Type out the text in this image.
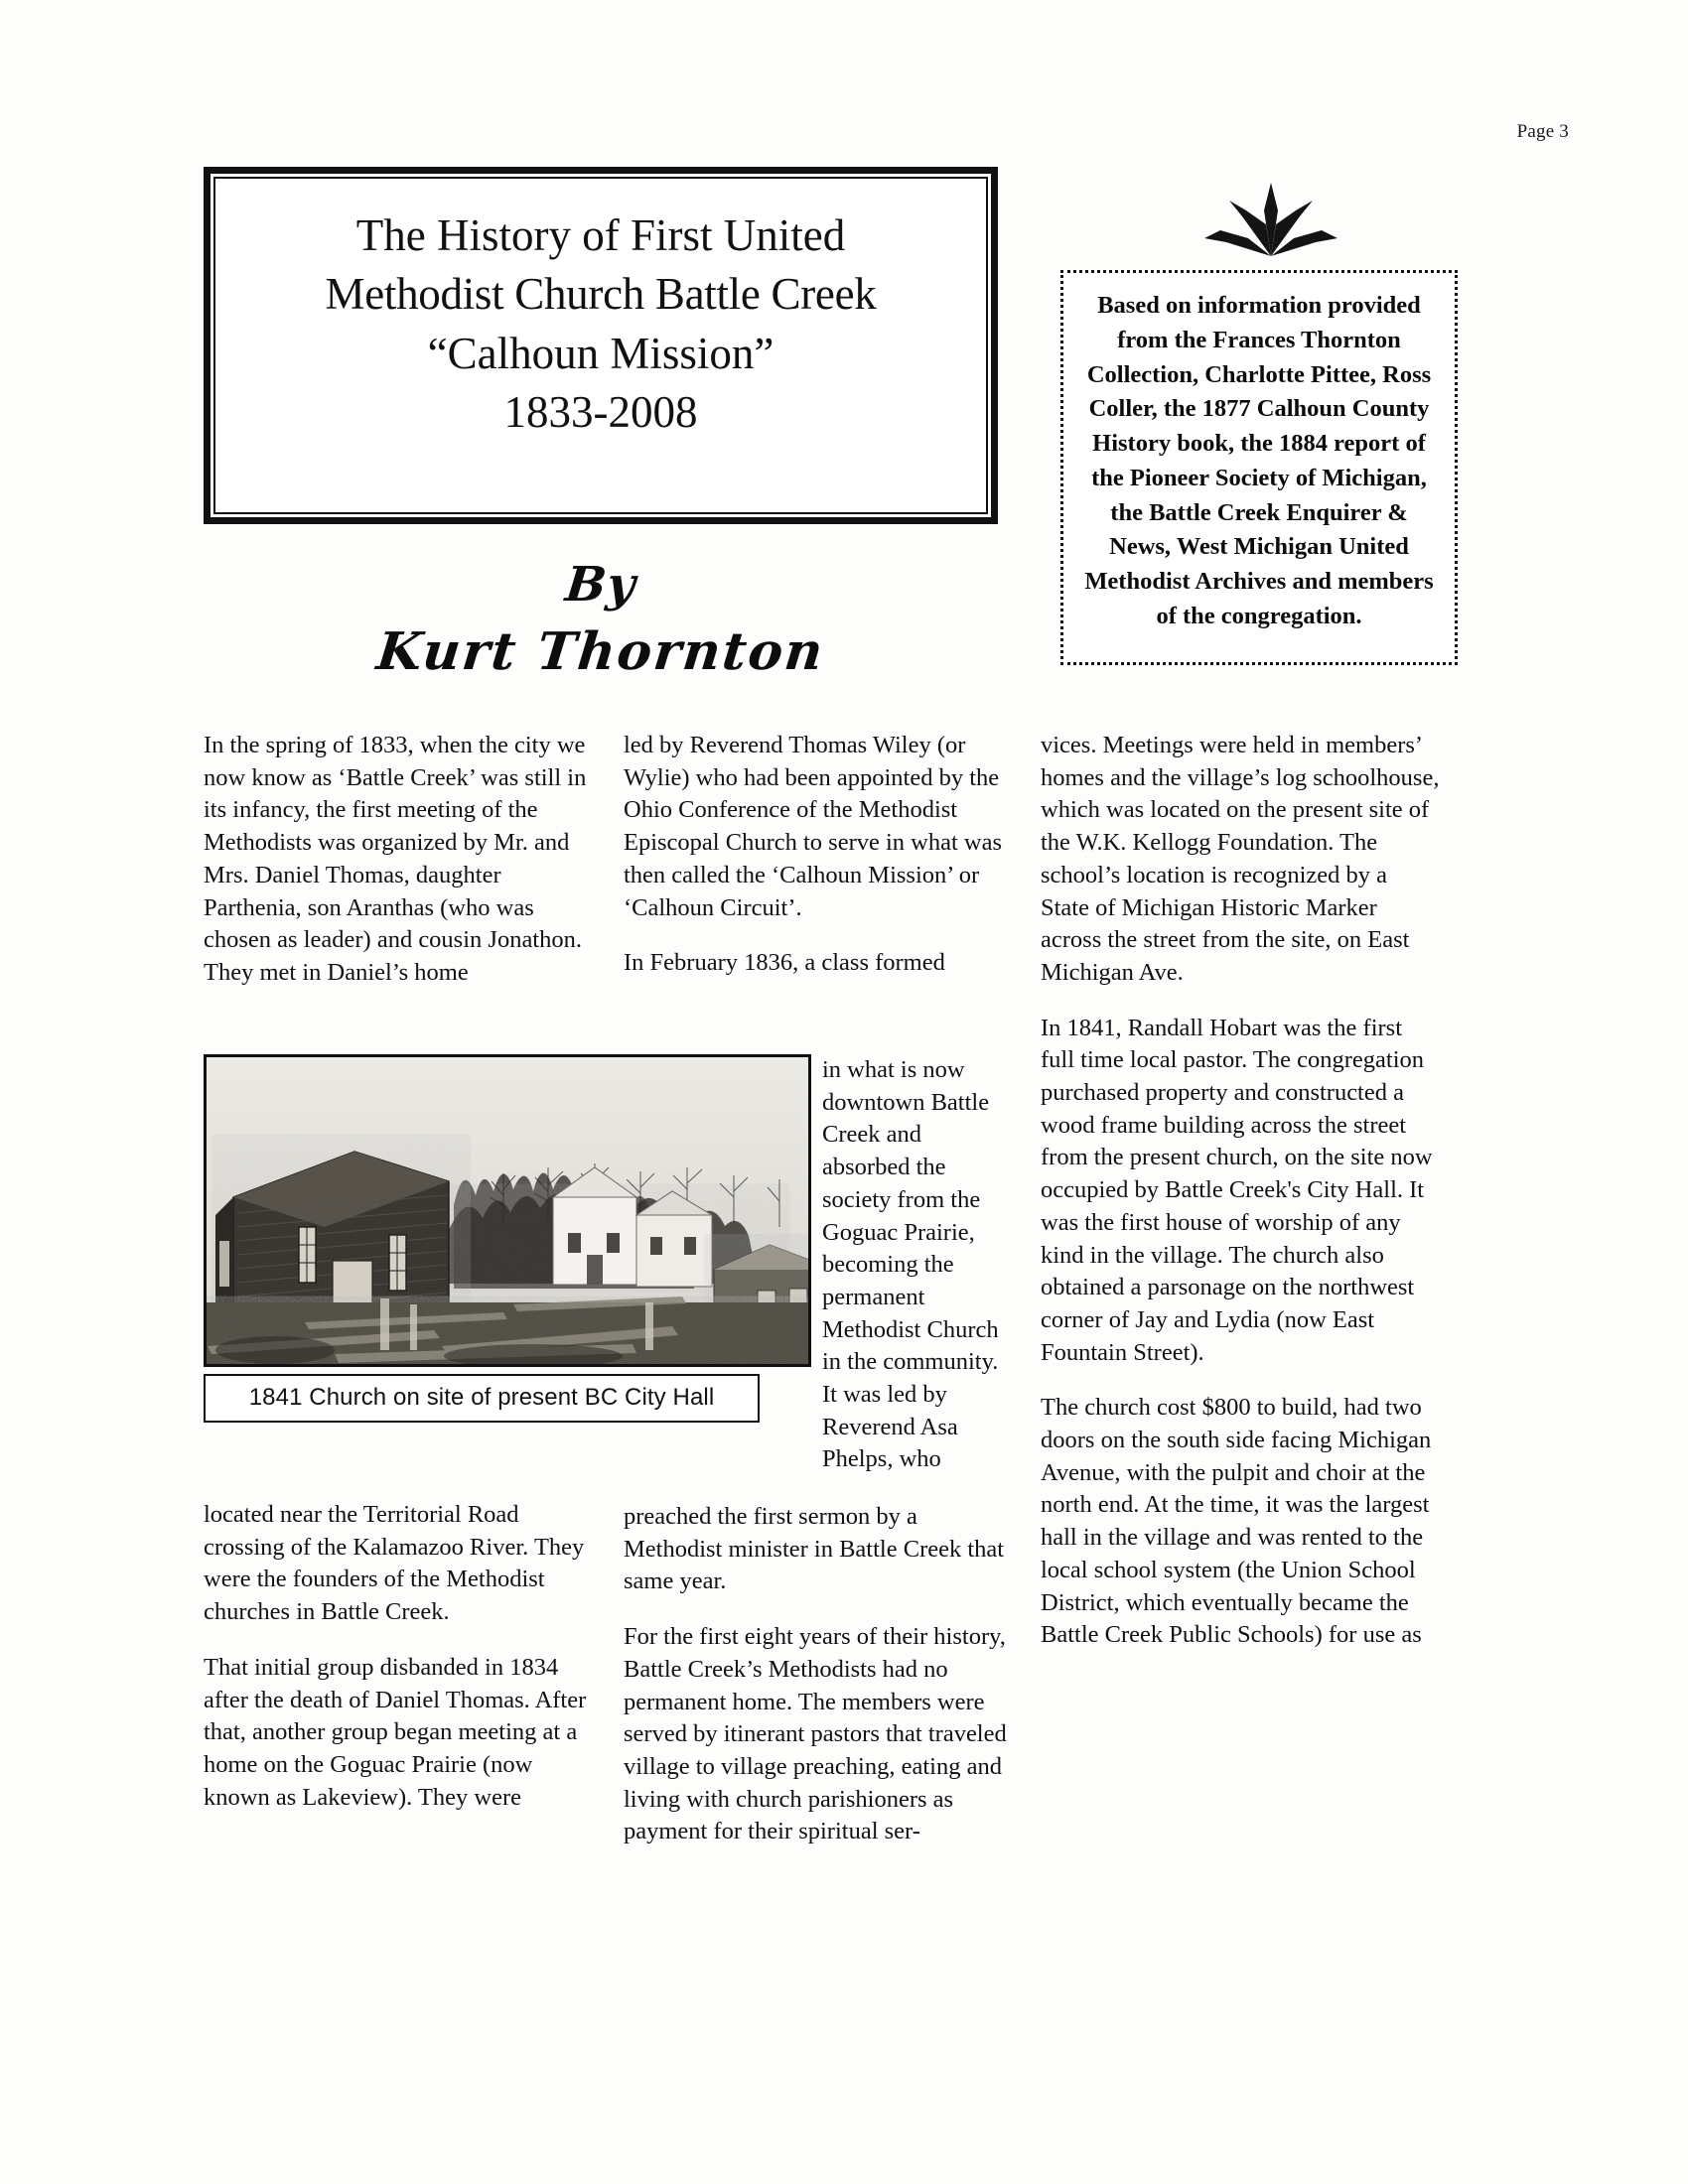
Page 3
The History of First United
Methodist Church Battle Creek
“Calhoun Mission”
1833-2008
By
Kurt Thornton
Based on information provided from the Frances Thornton Collection, Charlotte Pittee, Ross Coller, the 1877 Calhoun County History book, the 1884 report of the Pioneer Society of Michigan, the Battle Creek Enquirer & News, West Michigan United Methodist Archives and members of the congregation.

In the spring of 1833, when the city we now know as ‘Battle Creek’ was still in its infancy, the first meeting of the Methodists was organized by Mr. and Mrs. Daniel Thomas, daughter Parthenia, son Aranthas (who was chosen as leader) and cousin Jonathon. They met in Daniel’s home

led by Reverend Thomas Wiley (or Wylie) who had been appointed by the Ohio Conference of the Methodist Episcopal Church to serve in what was then called the ‘Calhoun Mission’ or ‘Calhoun Circuit’.

In February 1836, a class formed

in what is now downtown Battle Creek and absorbed the society from the Goguac Prairie, becoming the permanent Methodist Church in the community. It was led by Reverend Asa Phelps, who

vices. Meetings were held in members’ homes and the village’s log schoolhouse, which was located on the present site of the W.K. Kellogg Foundation. The school’s location is recognized by a State of Michigan Historic Marker across the street from the site, on East Michigan Ave.

In 1841, Randall Hobart was the first full time local pastor. The congregation purchased property and constructed a wood frame building across the street from the present church, on the site now occupied by Battle Creek's City Hall. It was the first house of worship of any kind in the village. The church also obtained a parsonage on the northwest corner of Jay and Lydia (now East Fountain Street).

The church cost $800 to build, had two doors on the south side facing Michigan Avenue, with the pulpit and choir at the north end. At the time, it was the largest hall in the village and was rented to the local school system (the Union School District, which eventually became the Battle Creek Public Schools) for use as

1841 Church on site of present BC City Hall

located near the Territorial Road crossing of the Kalamazoo River. They were the founders of the Methodist churches in Battle Creek.

That initial group disbanded in 1834 after the death of Daniel Thomas. After that, another group began meeting at a home on the Goguac Prairie (now known as Lakeview). They were

preached the first sermon by a Methodist minister in Battle Creek that same year.

For the first eight years of their history, Battle Creek’s Methodists had no permanent home. The members were served by itinerant pastors that traveled village to village preaching, eating and living with church parishioners as payment for their spiritual ser-
